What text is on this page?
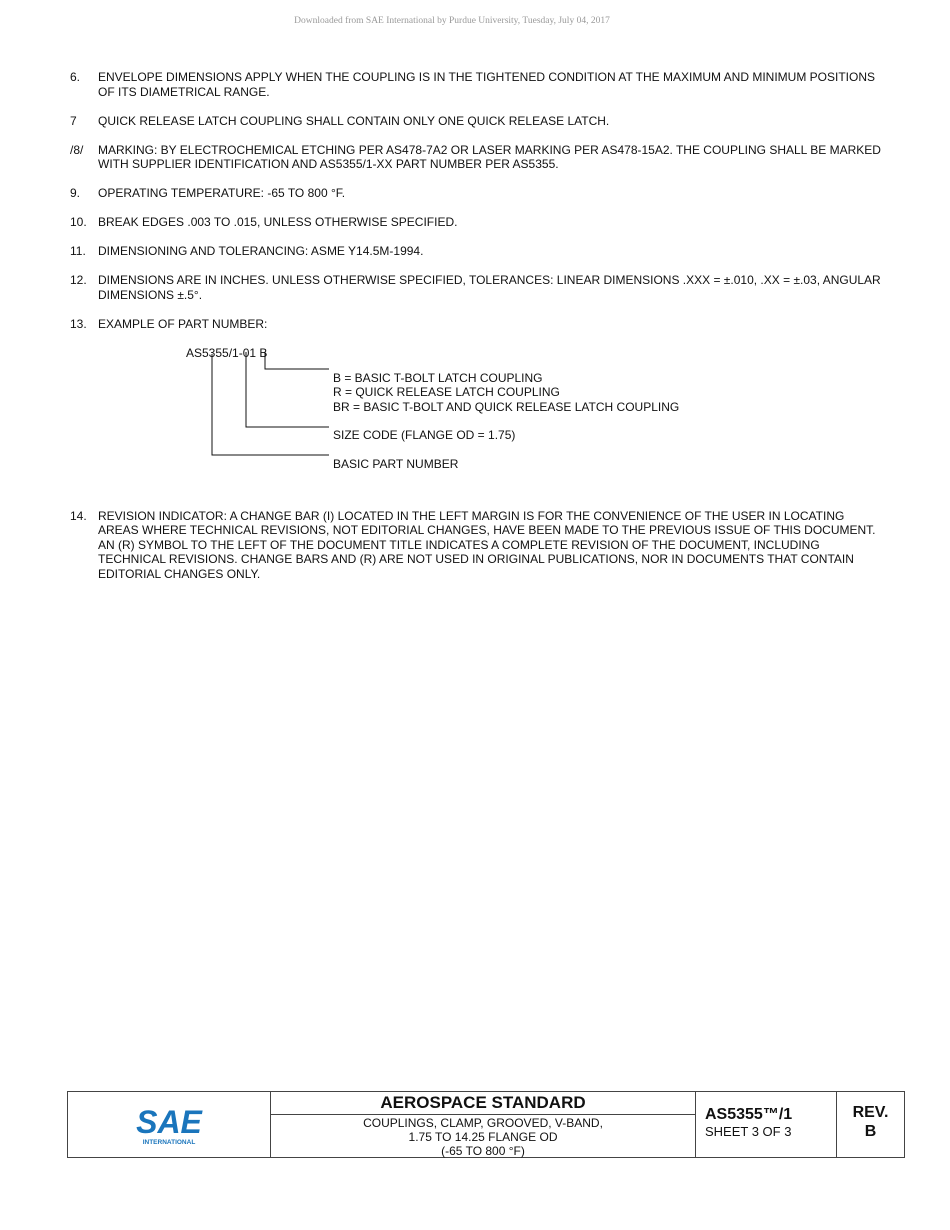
Downloaded from SAE International by Purdue University, Tuesday, July 04, 2017
6.	ENVELOPE DIMENSIONS APPLY WHEN THE COUPLING IS IN THE TIGHTENED CONDITION AT THE MAXIMUM AND MINIMUM POSITIONS OF ITS DIAMETRICAL RANGE.
7	QUICK RELEASE LATCH COUPLING SHALL CONTAIN ONLY ONE QUICK RELEASE LATCH.
/8/	MARKING: BY ELECTROCHEMICAL ETCHING PER AS478-7A2 OR LASER MARKING PER AS478-15A2. THE COUPLING SHALL BE MARKED WITH SUPPLIER IDENTIFICATION AND AS5355/1-XX PART NUMBER PER AS5355.
9.	OPERATING TEMPERATURE: -65 TO 800 °F.
10. BREAK EDGES .003 TO .015, UNLESS OTHERWISE SPECIFIED.
11.	DIMENSIONING AND TOLERANCING: ASME Y14.5M-1994.
12. DIMENSIONS ARE IN INCHES. UNLESS OTHERWISE SPECIFIED, TOLERANCES: LINEAR DIMENSIONS .XXX = ±.010, .XX = ±.03, ANGULAR DIMENSIONS ±.5°.
13. EXAMPLE OF PART NUMBER:
AS5355/1-01 B
B = BASIC T-BOLT LATCH COUPLING
R = QUICK RELEASE LATCH COUPLING
BR = BASIC T-BOLT AND QUICK RELEASE LATCH COUPLING
SIZE CODE (FLANGE OD = 1.75)
BASIC PART NUMBER
14. REVISION INDICATOR: A CHANGE BAR (I) LOCATED IN THE LEFT MARGIN IS FOR THE CONVENIENCE OF THE USER IN LOCATING AREAS WHERE TECHNICAL REVISIONS, NOT EDITORIAL CHANGES, HAVE BEEN MADE TO THE PREVIOUS ISSUE OF THIS DOCUMENT. AN (R) SYMBOL TO THE LEFT OF THE DOCUMENT TITLE INDICATES A COMPLETE REVISION OF THE DOCUMENT, INCLUDING TECHNICAL REVISIONS. CHANGE BARS AND (R) ARE NOT USED IN ORIGINAL PUBLICATIONS, NOR IN DOCUMENTS THAT CONTAIN EDITORIAL CHANGES ONLY.
SAE
INTERNATIONAL
AEROSPACE STANDARD
COUPLINGS, CLAMP, GROOVED, V-BAND,
1.75 TO 14.25 FLANGE OD
(-65 TO 800 °F)
AS5355™/1
SHEET 3 OF 3
REV.
B
